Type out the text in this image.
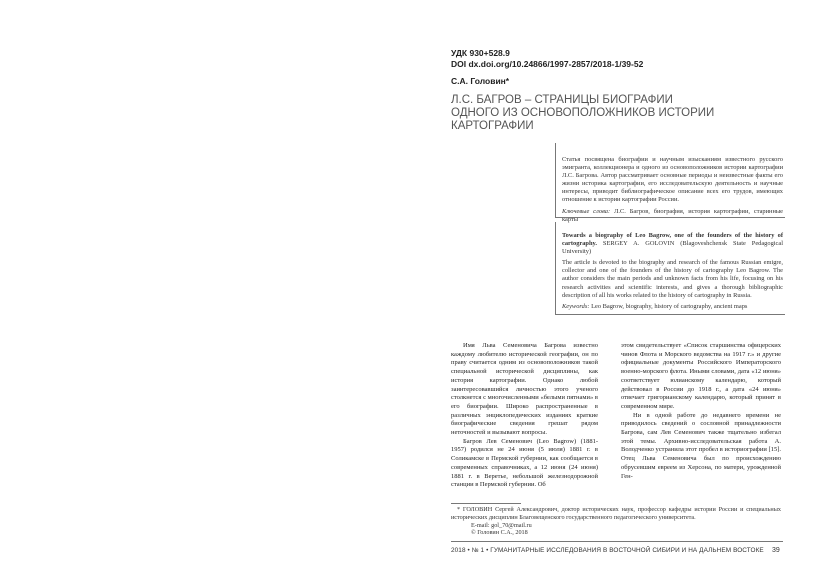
УДК 930+528.9
DOI dx.doi.org/10.24866/1997-2857/2018-1/39-52
С.А. Головин*
Л.С. БАГРОВ – СТРАНИЦЫ БИОГРАФИИ
ОДНОГО ИЗ ОСНОВОПОЛОЖНИКОВ ИСТОРИИ КАРТОГРАФИИ
Статья посвящена биографии и научным изысканиям известного русского эмигранта, коллекционера и одного из основоположников истории картографии Л.С. Багрова. Автор рассматривает основные периоды и неизвестные факты его жизни историка картографии, его исследовательскую деятельность и научные интересы, приводит библиографическое описание всех его трудов, имеющих отношение к истории картографии России.
Ключевые слова: Л.С. Багров, биография, история картографии, старинные карты
Towards a biography of Leo Bagrow, one of the founders of the history of cartography. SERGEY A. GOLOVIN (Blagoveshchensk State Pedagogical University)
The article is devoted to the biography and research of the famous Russian emigre, collector and one of the founders of the history of cartography Leo Bagrow. The author considers the main periods and unknown facts from his life, focusing on his research activities and scientific interests, and gives a thorough bibliographic description of all his works related to the history of cartography in Russia.
Keywords: Leo Bagrow, biography, history of cartography, ancient maps

Имя Льва Семеновича Багрова известно каждому любителю исторической географии, он по праву считается одним из основоположников такой специальной исторической дисциплины, как история картографии. Однако любой заинтересовавшийся личностью этого ученого столкнется с многочисленными «белыми пятнами» в его биографии. Широко распространенные в различных энциклопедических изданиях краткие биографические сведения грешат рядом неточностей и вызывают вопросы.

Багров Лев Семенович (Leo Bagrow) (1881-1957) родился не 24 июня (5 июля) 1881 г. в Соликамске в Пермской губернии, как сообщается в современных справочниках, а 12 июня (24 июня) 1881 г. в Веретье, небольшой железнодорожной станции в Пермской губернии. Об

этом свидетельствует «Список старшинства офицерских чинов Флота и Морского ведомства на 1917 г.» и другие официальные документы Российского Императорского военно-морского флота. Иными словами, дата «12 июня» соответствует юлианскому календарю, который действовал в России до 1918 г., а дата «24 июня» отвечает григорианскому календарю, который принят в современном мире.

Ни в одной работе до недавнего времени не приводилось сведений о сословной принадлежности Багрова, сам Лев Семенович также тщательно избегал этой темы. Архивно-исследовательская работа А. Володченко устранила этот пробел в историографии [15]. Отец Льва Семеновича был по происхождению обрусевшим евреем из Херсона, по матери, урожденной Ген-

* ГОЛОВИН Сергей Александрович, доктор исторических наук, профессор кафедры истории России и специальных исторических дисциплин Благовещенского государственного педагогического университета.
E-mail: gol_70@mail.ru
© Головин С.А., 2018
2018 • № 1 • ГУМАНИТАРНЫЕ ИССЛЕДОВАНИЯ В ВОСТОЧНОЙ СИБИРИ И НА ДАЛЬНЕМ ВОСТОКЕ 39
